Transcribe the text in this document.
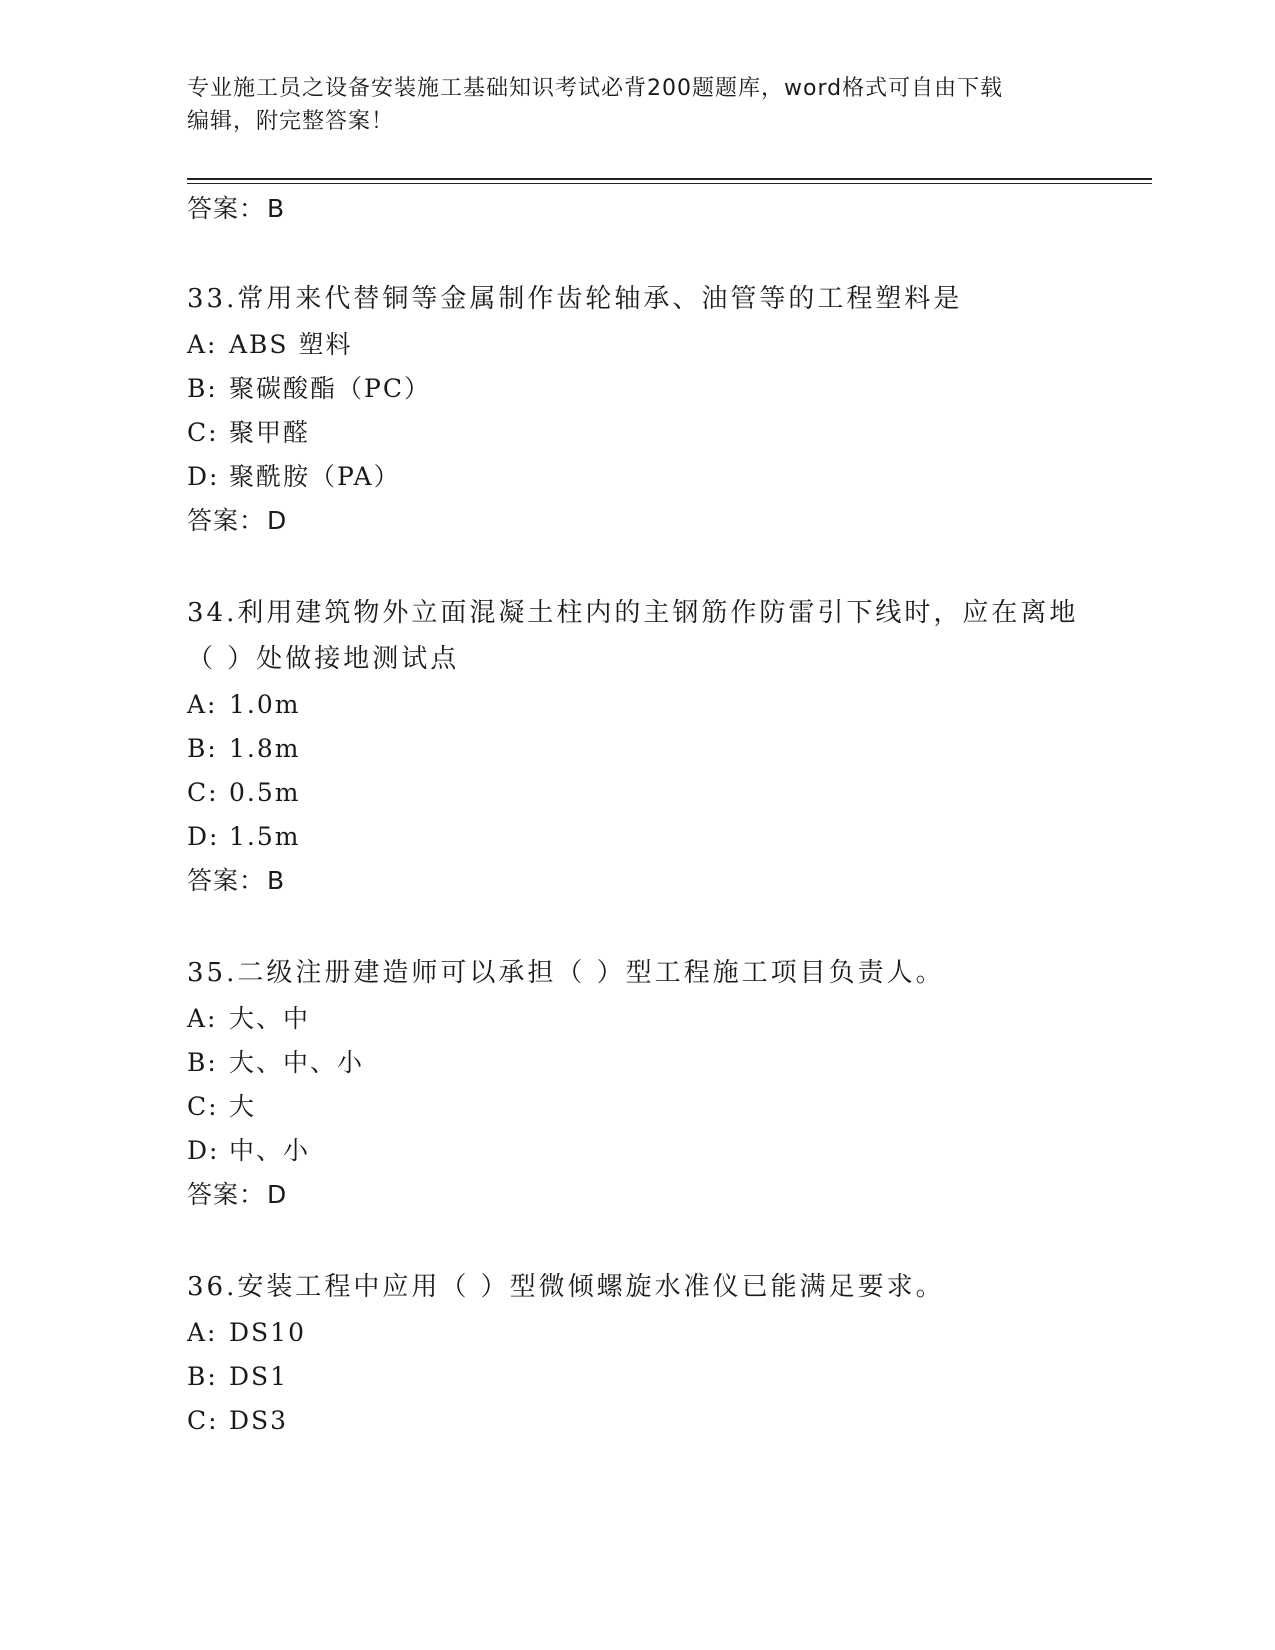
专业施工员之设备安装施工基础知识考试必背200题题库，word格式可自由下载
编辑，附完整答案！
答案：B
33.常用来代替铜等金属制作齿轮轴承、油管等的工程塑料是
A: ABS 塑料
B: 聚碳酸酯（PC）
C: 聚甲醛
D: 聚酰胺（PA）
答案：D
34.利用建筑物外立面混凝土柱内的主钢筋作防雷引下线时，应在离地（ ）处做接地测试点
A: 1.0m
B: 1.8m
C: 0.5m
D: 1.5m
答案：B
35.二级注册建造师可以承担（ ）型工程施工项目负责人。
A: 大、中
B: 大、中、小
C: 大
D: 中、小
答案：D
36.安装工程中应用（ ）型微倾螺旋水准仪已能满足要求。
A: DS10
B: DS1
C: DS3
